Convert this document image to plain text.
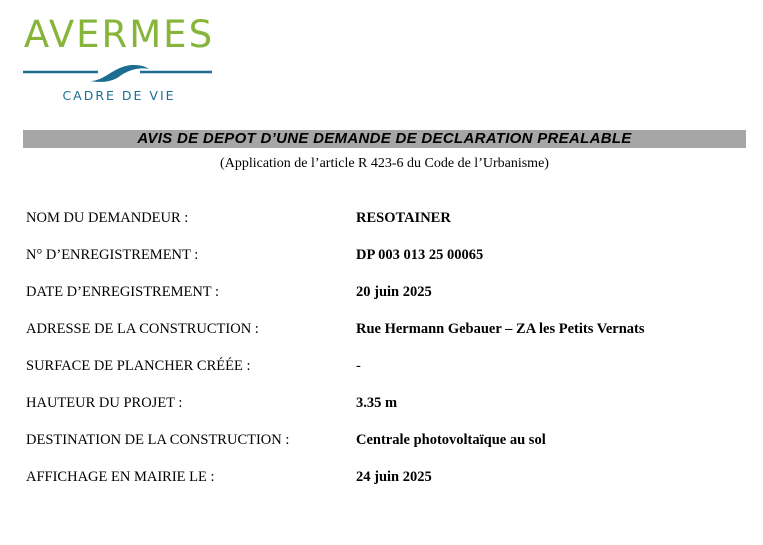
AVERMES
CADRE DE VIE
AVIS DE DEPOT D’UNE DEMANDE DE DECLARATION PREALABLE
(Application de l’article R 423-6 du Code de l’Urbanisme)
NOM DU DEMANDEUR :	RESOTAINER
N° D’ENREGISTREMENT :	DP 003 013 25 00065
DATE D’ENREGISTREMENT :	20 juin 2025
ADRESSE DE LA CONSTRUCTION :	Rue Hermann Gebauer – ZA les Petits Vernats
SURFACE DE PLANCHER CRÉÉE :	-
HAUTEUR DU PROJET :	3.35 m
DESTINATION DE LA CONSTRUCTION :	Centrale photovoltaïque au sol
AFFICHAGE EN MAIRIE LE :	24 juin 2025
